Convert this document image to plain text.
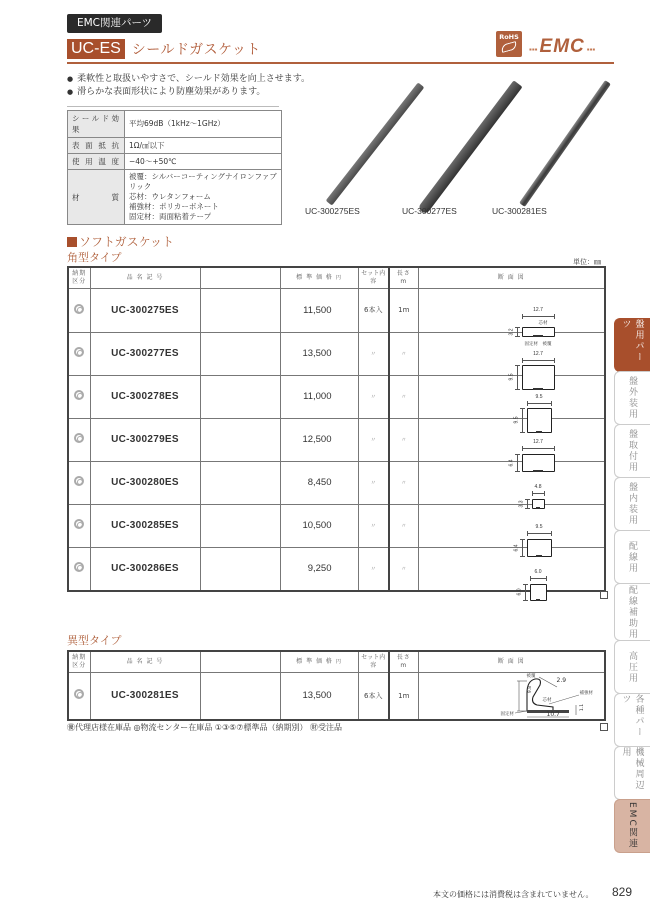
EMC関連パーツ
UC-ES シールドガスケット
RoHS
▪▪▪ EMC ▪▪▪
● 柔軟性と取扱いやすさで、シールド効果を向上させます。
● 滑らかな表面形状により防塵効果があります。
シールド効果	平均69dB（1kHz〜1GHz）
表面抵抗	1Ω/㎠以下
使用温度	−40〜+50℃
材質	被覆：シルバーコーティングナイロンファブリック
芯材：ウレタンフォーム
補強材：ポリカーボネート
固定材：両面粘着テープ
UC-300275ES	UC-300277ES	UC-300281ES
ソフトガスケット
角型タイプ	単位：㎜
納期
区分	品 名 記 号		標 準 価 格 円	セット内容	長さ
m	断 面 図
	UC-300275ES		11,500	6本入	1m	12.7
3.2
芯材
固定材 被覆

	UC-300277ES		13,500	〃	〃	12.7
9.5

	UC-300278ES		11,000	〃	〃	9.5
9.5

	UC-300279ES		12,500	〃	〃	12.7
6.4

	UC-300280ES		8,450	〃	〃	4.8
3.3

	UC-300285ES		10,500	〃	〃	9.5
6.4

	UC-300286ES		9,250	〃	〃	6.0
6.0
異型タイプ
納期
区分	品 名 記 号		標 準 価 格 円	セット内容	長さ
m	断 面 図
	UC-300281ES		13,500	6本入	1m	
9.8
2.9
10.7
1.1
被覆
芯材
補強材
固定材
㊝代理店様在庫品 ◎物流センター在庫品 ①③⑤⑦標準品（納期別） ㊖受注品
本文の価格には消費税は含まれていません。 829
盤用パーツ
盤外装用
盤取付用
盤内装用
配線用
配線補助用
高圧用
各種パーツ
機械周辺用
EMC関連
